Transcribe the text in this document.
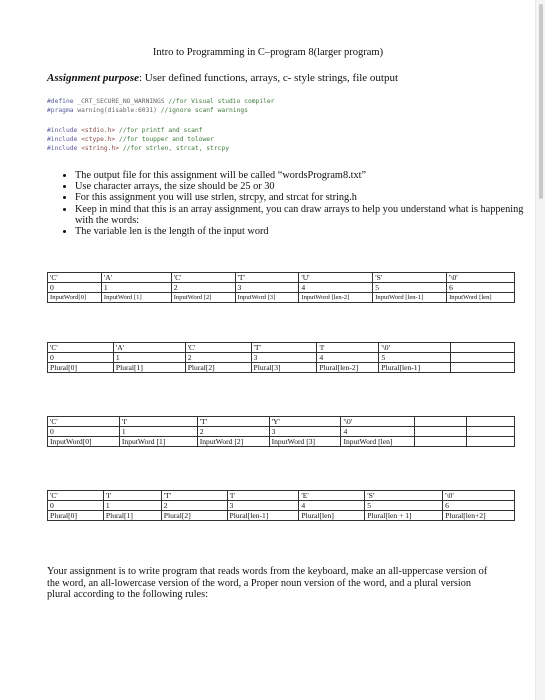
Intro to Programming in C–program 8(larger program)
Assignment purpose: User defined functions, arrays, c- style strings, file output
#define _CRT_SECURE_NO_WARNINGS //for Visual studio compiler
#pragma warning(disable:6031) //ignore scanf warnings
#include <stdio.h> //for printf and scanf
#include <ctype.h> //for toupper and tolower
#include <string.h> //for strlen, strcat, strcpy
• The output file for this assignment will be called “wordsProgram8.txt”
• Use character arrays, the size should be 25 or 30
• For this assignment you will use strlen, strcpy, and strcat for string.h
• Keep in mind that this is an array assignment, you can draw arrays to help you understand what is happening with the words:
• The variable len is the length of the input word
'C'	'A'	'C'	'T'	'U'	'S'	'\0'
0	1	2	3	4	5	6
InputWord[0]	InputWord [1]	InputWord [2]	InputWord [3]	InputWord [len-2]	InputWord [len-1]	InputWord [len]
'C'	'A'	'C'	'T'	'I'	'\0'	
0	1	2	3	4	5	
Plural[0]	Plural[1]	Plural[2]	Plural[3]	Plural[len-2]	Plural[len-1]	
'C'	'I'	'T'	'Y'	'\0'		
0	1	2	3	4		
InputWord[0]	InputWord [1]	InputWord [2]	InputWord [3]	InputWord [len]		
'C'	'I'	'T'	'I'	'E'	'S'	'\0'
0	1	2	3	4	5	6
Plural[0]	Plural[1]	Plural[2]	Plural[len-1]	Plural[len]	Plural[len + 1]	Plural[len+2]
Your assignment is to write program that reads words from the keyboard, make an all-uppercase version of the word, an all-lowercase version of the word, a Proper noun version of the word, and a plural version plural according to the following rules:
